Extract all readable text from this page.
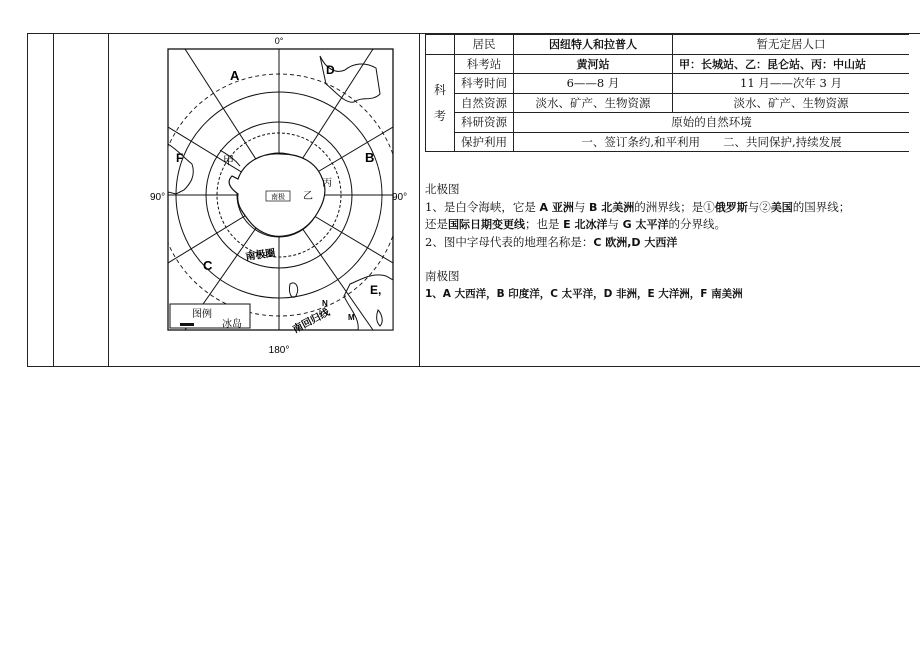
0°
180°
90°	90°
A	D
B
F
C
E,
N
M
甲
乙
丙
南极
南极圈
南回归线
图例
冰岛
	居民	因纽特人和拉普人	暂无定居人口
科考	科考站	黄河站	甲：长城站、乙：昆仑站、丙：中山站
	科考时间	6——8 月	11 月——次年 3 月
	自然资源	淡水、矿产、生物资源	淡水、矿产、生物资源
	科研资源	原始的自然环境	
	保护利用	一、签订条约,和平利用　　二、共同保护,持续发展	

北极图

1、是白令海峡，它是 A 亚洲与 B 北美洲的洲界线；是①俄罗斯与②美国的国界线；

还是国际日期变更线；也是 E 北冰洋与 G 太平洋的分界线。

2、图中字母代表的地理名称是：C 欧洲,D 大西洋

南极图

1、A 大西洋，B 印度洋，C 太平洋，D 非洲，E 大洋洲，F 南美洲
